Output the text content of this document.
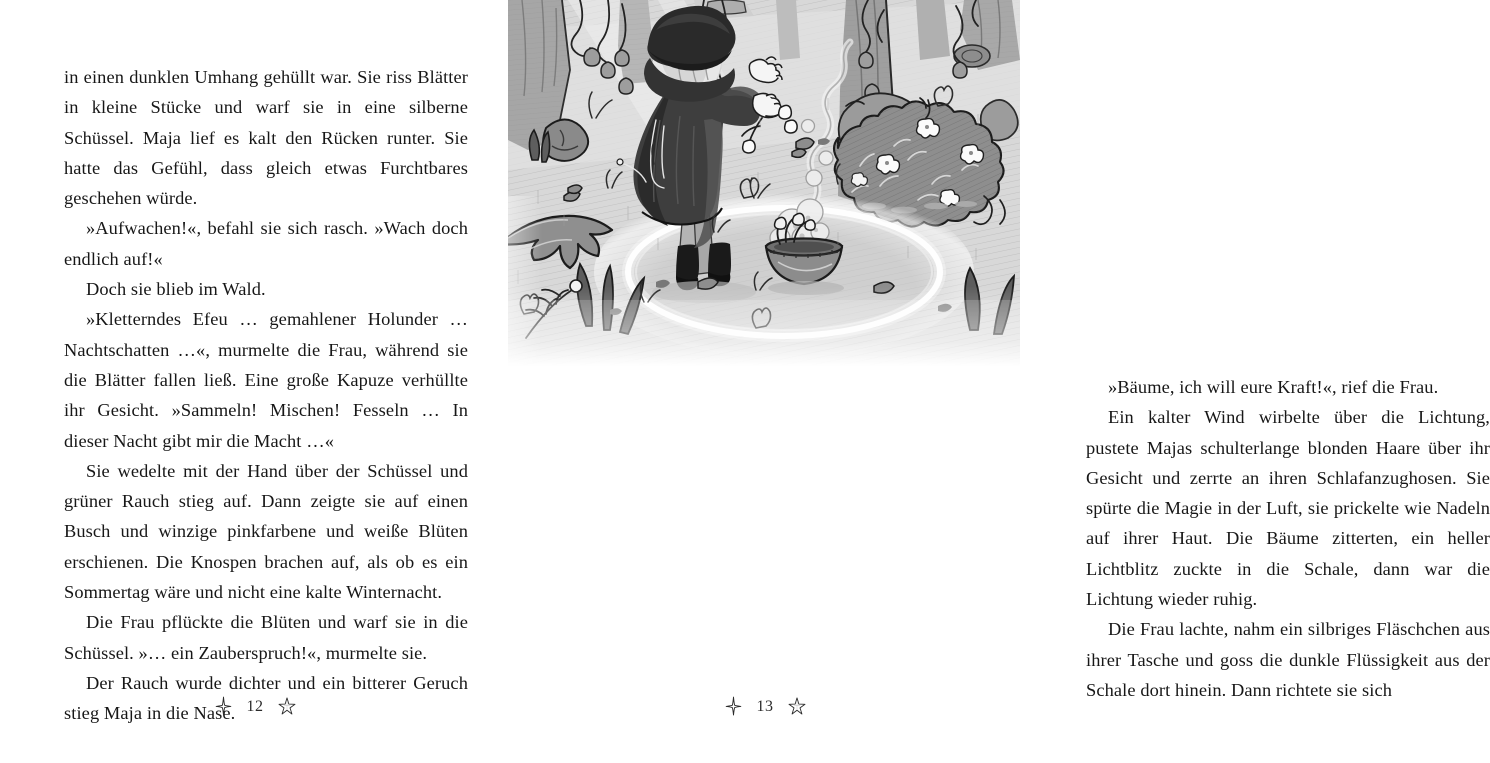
in einen dunklen Umhang gehüllt war. Sie riss Blätter in kleine Stücke und warf sie in eine silberne Schüssel. Maja lief es kalt den Rücken runter. Sie hatte das Gefühl, dass gleich etwas Furchtbares geschehen würde.

»Aufwachen!«, befahl sie sich rasch. »Wach doch endlich auf!«

Doch sie blieb im Wald.

»Kletterndes Efeu … gemahlener Holunder … Nachtschatten …«, murmelte die Frau, während sie die Blätter fallen ließ. Eine große Kapuze verhüllte ihr Gesicht. »Sammeln! Mischen! Fesseln … In dieser Nacht gibt mir die Macht …«

Sie wedelte mit der Hand über der Schüssel und grüner Rauch stieg auf. Dann zeigte sie auf einen Busch und winzige pinkfarbene und weiße Blüten erschienen. Die Knospen brachen auf, als ob es ein Sommertag wäre und nicht eine kalte Winternacht.

Die Frau pflückte die Blüten und warf sie in die Schüssel. »… ein Zauberspruch!«, murmelte sie.

Der Rauch wurde dichter und ein bitterer Geruch stieg Maja in die Nase. 12

»Bäume, ich will eure Kraft!«, rief die Frau.

Ein kalter Wind wirbelte über die Lichtung, pustete Majas schulterlange blonden Haare über ihr Gesicht und zerrte an ihren Schlafanzughosen. Sie spürte die Magie in der Luft, sie prickelte wie Nadeln auf ihrer Haut. Die Bäume zitterten, ein heller Lichtblitz zuckte in die Schale, dann war die Lichtung wieder ruhig.

Die Frau lachte, nahm ein silbriges Fläschchen aus ihrer Tasche und goss die dunkle Flüssigkeit aus der Schale dort hinein. Dann richtete sie sich

13
